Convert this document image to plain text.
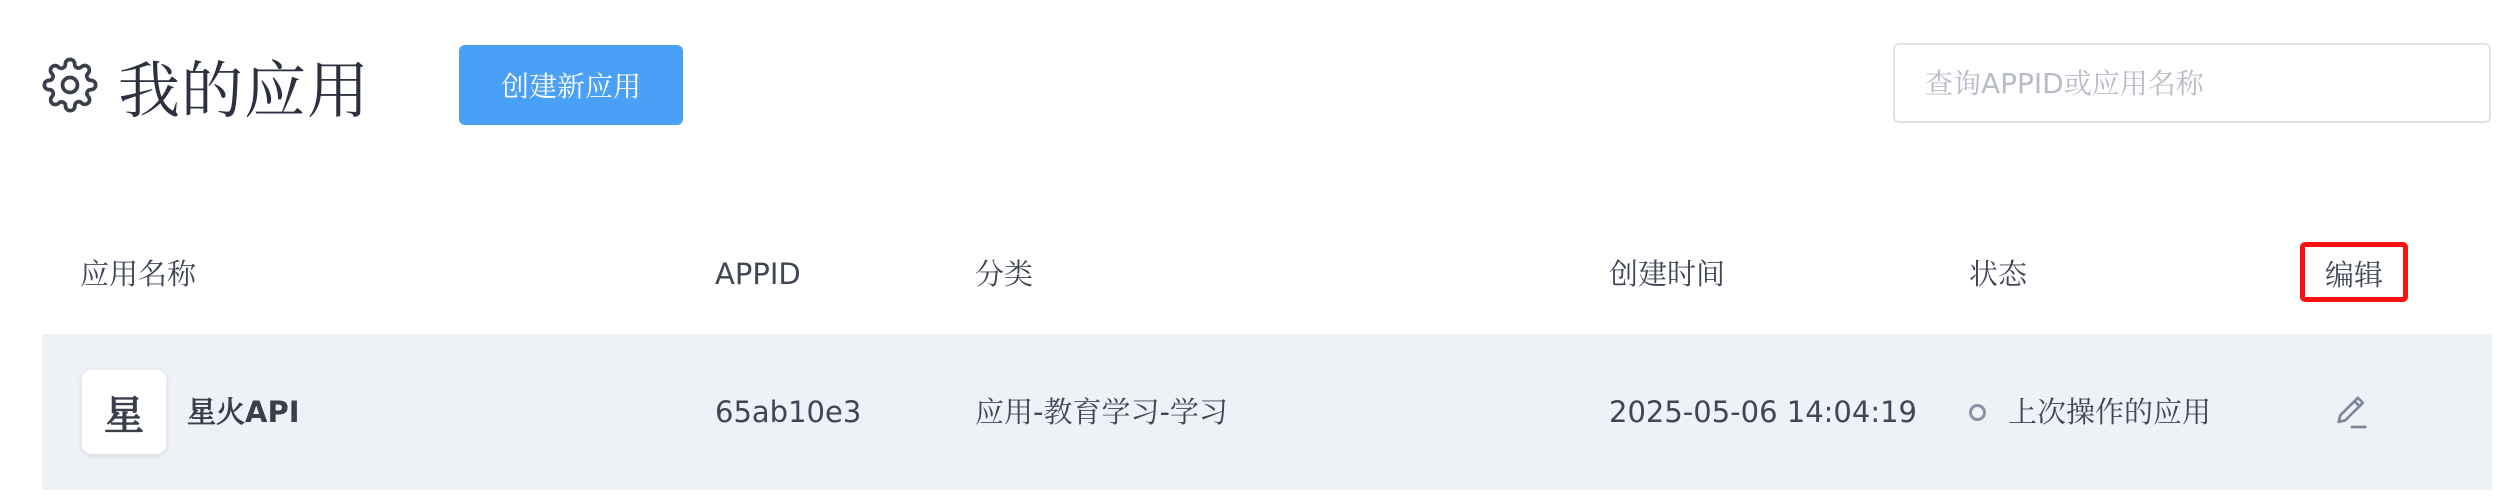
我的应用	创建新应用
查询APPID或应用名称
应用名称	APPID	分类	创建时间	状态	编辑
星	星火API	65ab10e3	应用-教育学习-学习	2025-05-06 14:04:19	上次操作的应用
